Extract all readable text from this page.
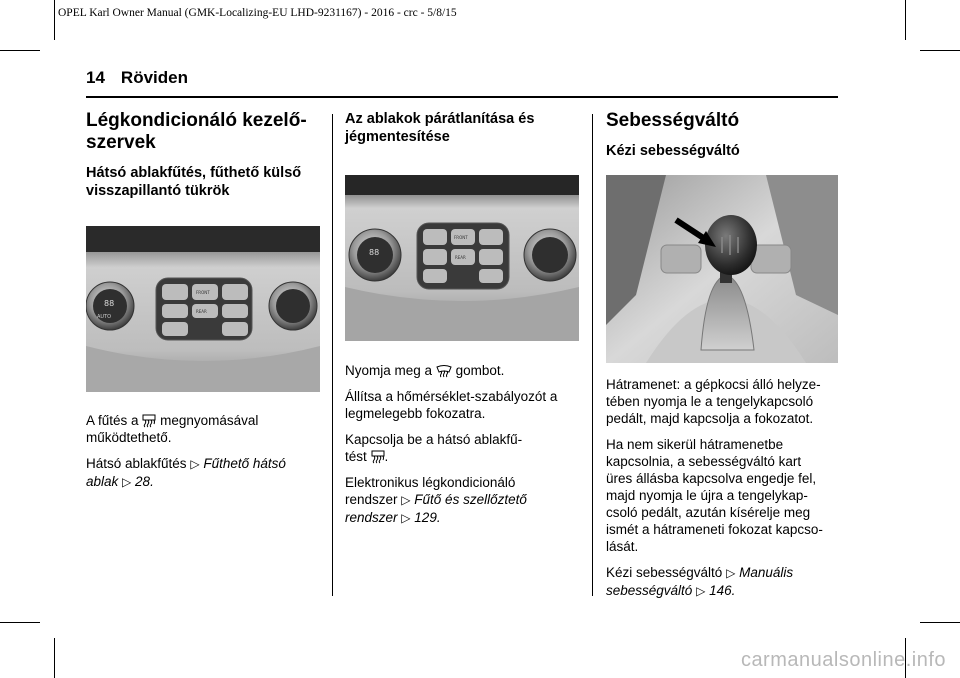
OPEL Karl Owner Manual (GMK-Localizing-EU LHD-9231167) - 2016 - crc - 5/8/15
14 Röviden
Légkondicionáló kezelő-
szervek
Hátsó ablakfűtés, fűthető külső
visszapillantó tükrök
88
AUTO
FRONT
REAR

A fűtés a megnyomásával
működtethető.

Hátsó ablakfűtés ▷ Fűthető hátsó
ablak ▷ 28.

Az ablakok párátlanítása és
jégmentesítése
88
FRONT
REAR

Nyomja meg a gombot.

Állítsa a hőmérséklet-szabályozót a
legmelegebb fokozatra.

Kapcsolja be a hátsó ablakfű-
tést .

Elektronikus légkondicionáló
rendszer ▷ Fűtő és szellőztető
rendszer ▷ 129.

Sebességváltó
Kézi sebességváltó

Hátramenet: a gépkocsi álló helyze-
tében nyomja le a tengelykapcsoló
pedált, majd kapcsolja a fokozatot.

Ha nem sikerül hátramenetbe
kapcsolnia, a sebességváltó kart
üres állásba kapcsolva engedje fel,
majd nyomja le újra a tengelykap-
csoló pedált, azután kísérelje meg
ismét a hátrameneti fokozat kapcso-
lását.

Kézi sebességváltó ▷ Manuális
sebességváltó ▷ 146.

carmanualsonline.info
